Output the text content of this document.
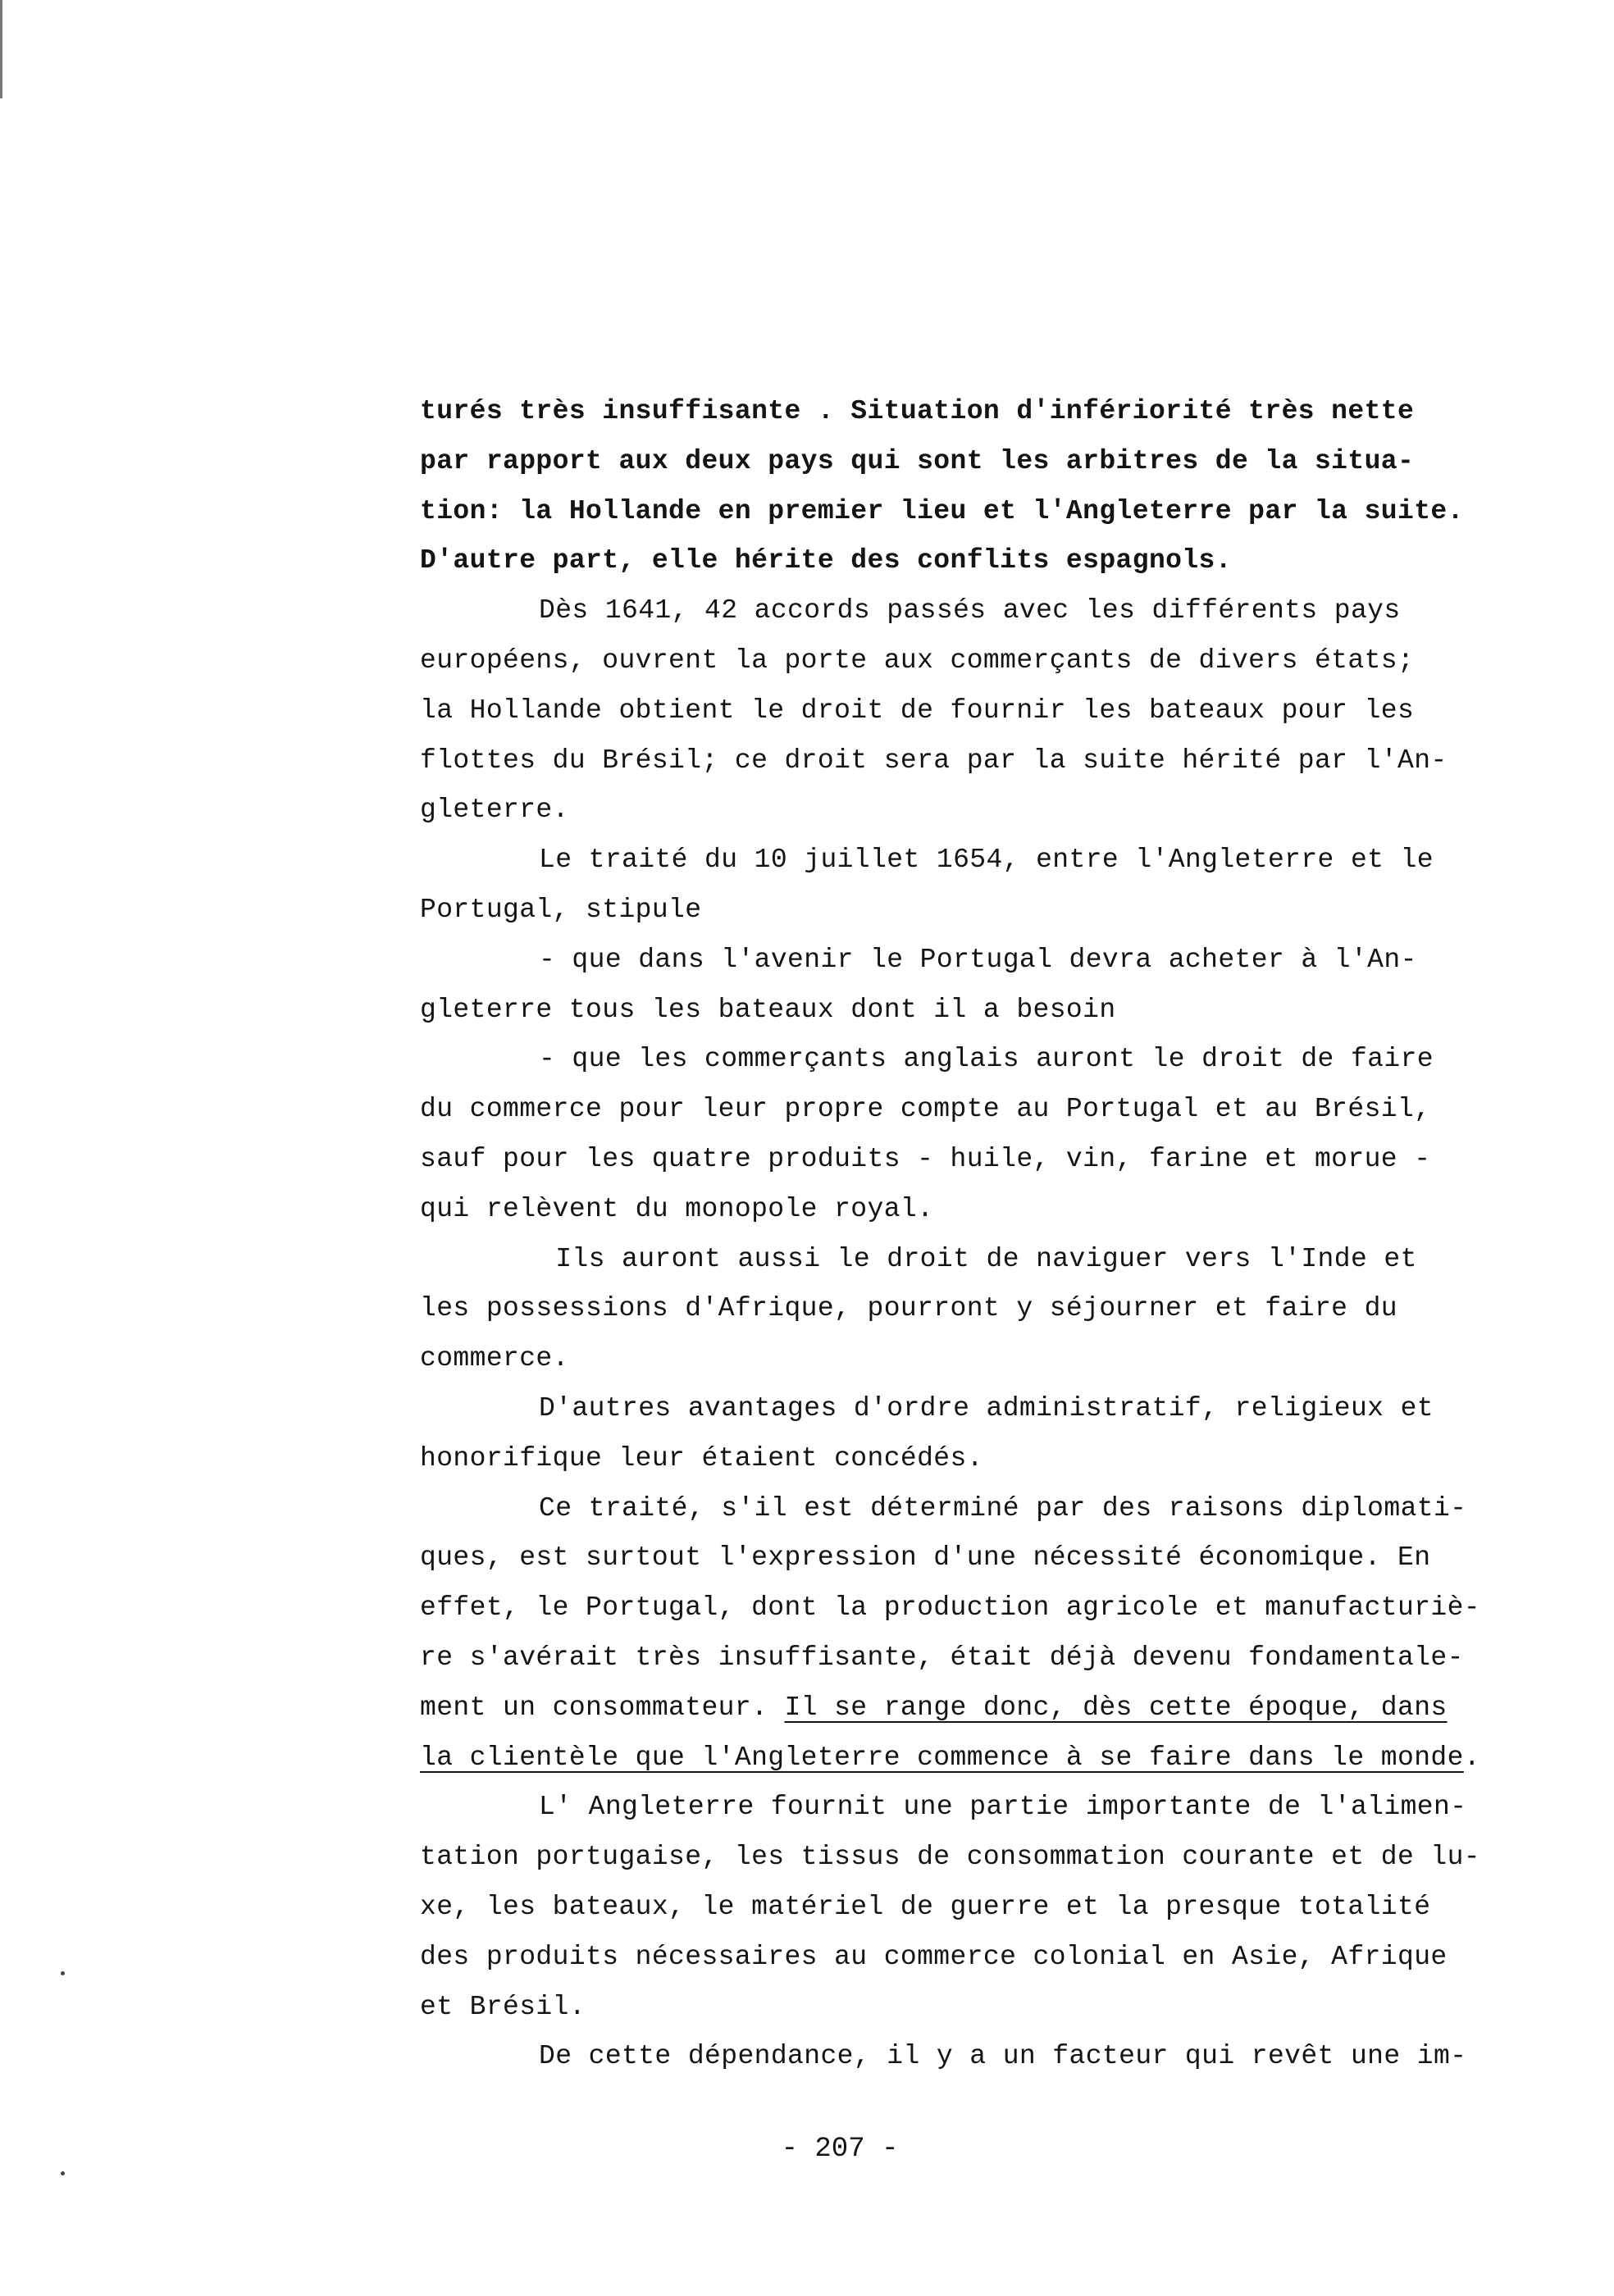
turés très insuffisante . Situation d'infériorité très nette
par rapport aux deux pays qui sont les arbitres de la situa-
tion: la Hollande en premier lieu et l'Angleterre par la suite.
D'autre part, elle hérite des conflits espagnols.
Dès 1641, 42 accords passés avec les différents pays
européens, ouvrent la porte aux commerçants de divers états;
la Hollande obtient le droit de fournir les bateaux pour les
flottes du Brésil; ce droit sera par la suite hérité par l'An-
gleterre.
Le traité du 10 juillet 1654, entre l'Angleterre et le
Portugal, stipule
- que dans l'avenir le Portugal devra acheter à l'An-
gleterre tous les bateaux dont il a besoin
- que les commerçants anglais auront le droit de faire
du commerce pour leur propre compte au Portugal et au Brésil,
sauf pour les quatre produits - huile, vin, farine et morue -
qui relèvent du monopole royal.
Ils auront aussi le droit de naviguer vers l'Inde et
les possessions d'Afrique, pourront y séjourner et faire du
commerce.
D'autres avantages d'ordre administratif, religieux et
honorifique leur étaient concédés.
Ce traité, s'il est déterminé par des raisons diplomati-
ques, est surtout l'expression d'une nécessité économique. En
effet, le Portugal, dont la production agricole et manufacturiè-
re s'avérait très insuffisante, était déjà devenu fondamentale-
ment un consommateur. Il se range donc, dès cette époque, dans
la clientèle que l'Angleterre commence à se faire dans le monde.
L' Angleterre fournit une partie importante de l'alimen-
tation portugaise, les tissus de consommation courante et de lu-
xe, les bateaux, le matériel de guerre et la presque totalité
des produits nécessaires au commerce colonial en Asie, Afrique
et Brésil.
De cette dépendance, il y a un facteur qui revêt une im-
- 207 -
